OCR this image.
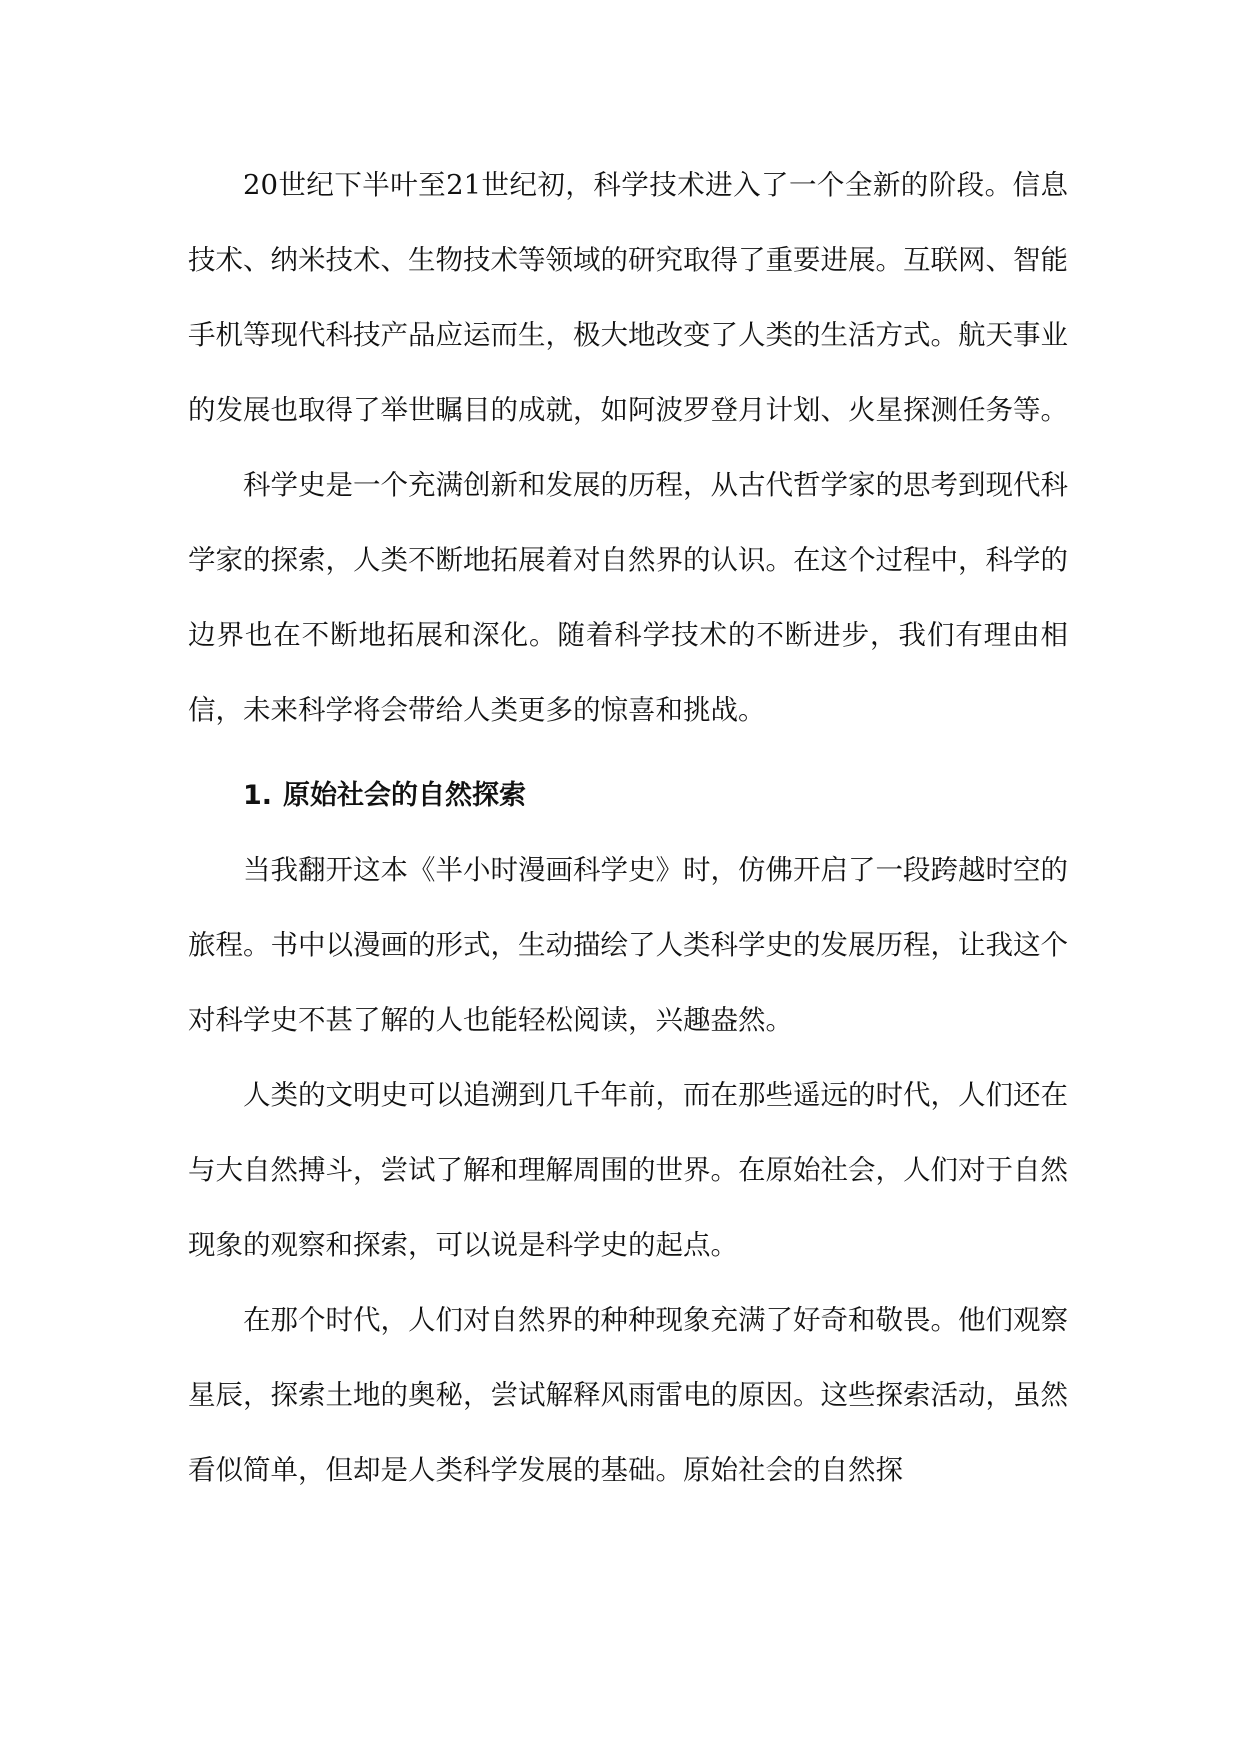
20世纪下半叶至21世纪初，科学技术进入了一个全新的阶段。信息技术、纳米技术、生物技术等领域的研究取得了重要进展。互联网、智能手机等现代科技产品应运而生，极大地改变了人类的生活方式。航天事业的发展也取得了举世瞩目的成就，如阿波罗登月计划、火星探测任务等。

科学史是一个充满创新和发展的历程，从古代哲学家的思考到现代科学家的探索，人类不断地拓展着对自然界的认识。在这个过程中，科学的边界也在不断地拓展和深化。随着科学技术的不断进步，我们有理由相信，未来科学将会带给人类更多的惊喜和挑战。

1. 原始社会的自然探索

当我翻开这本《半小时漫画科学史》时，仿佛开启了一段跨越时空的旅程。书中以漫画的形式，生动描绘了人类科学史的发展历程，让我这个对科学史不甚了解的人也能轻松阅读，兴趣盎然。

人类的文明史可以追溯到几千年前，而在那些遥远的时代，人们还在与大自然搏斗，尝试了解和理解周围的世界。在原始社会，人们对于自然现象的观察和探索，可以说是科学史的起点。

在那个时代，人们对自然界的种种现象充满了好奇和敬畏。他们观察星辰，探索土地的奥秘，尝试解释风雨雷电的原因。这些探索活动，虽然看似简单，但却是人类科学发展的基础。原始社会的自然探
